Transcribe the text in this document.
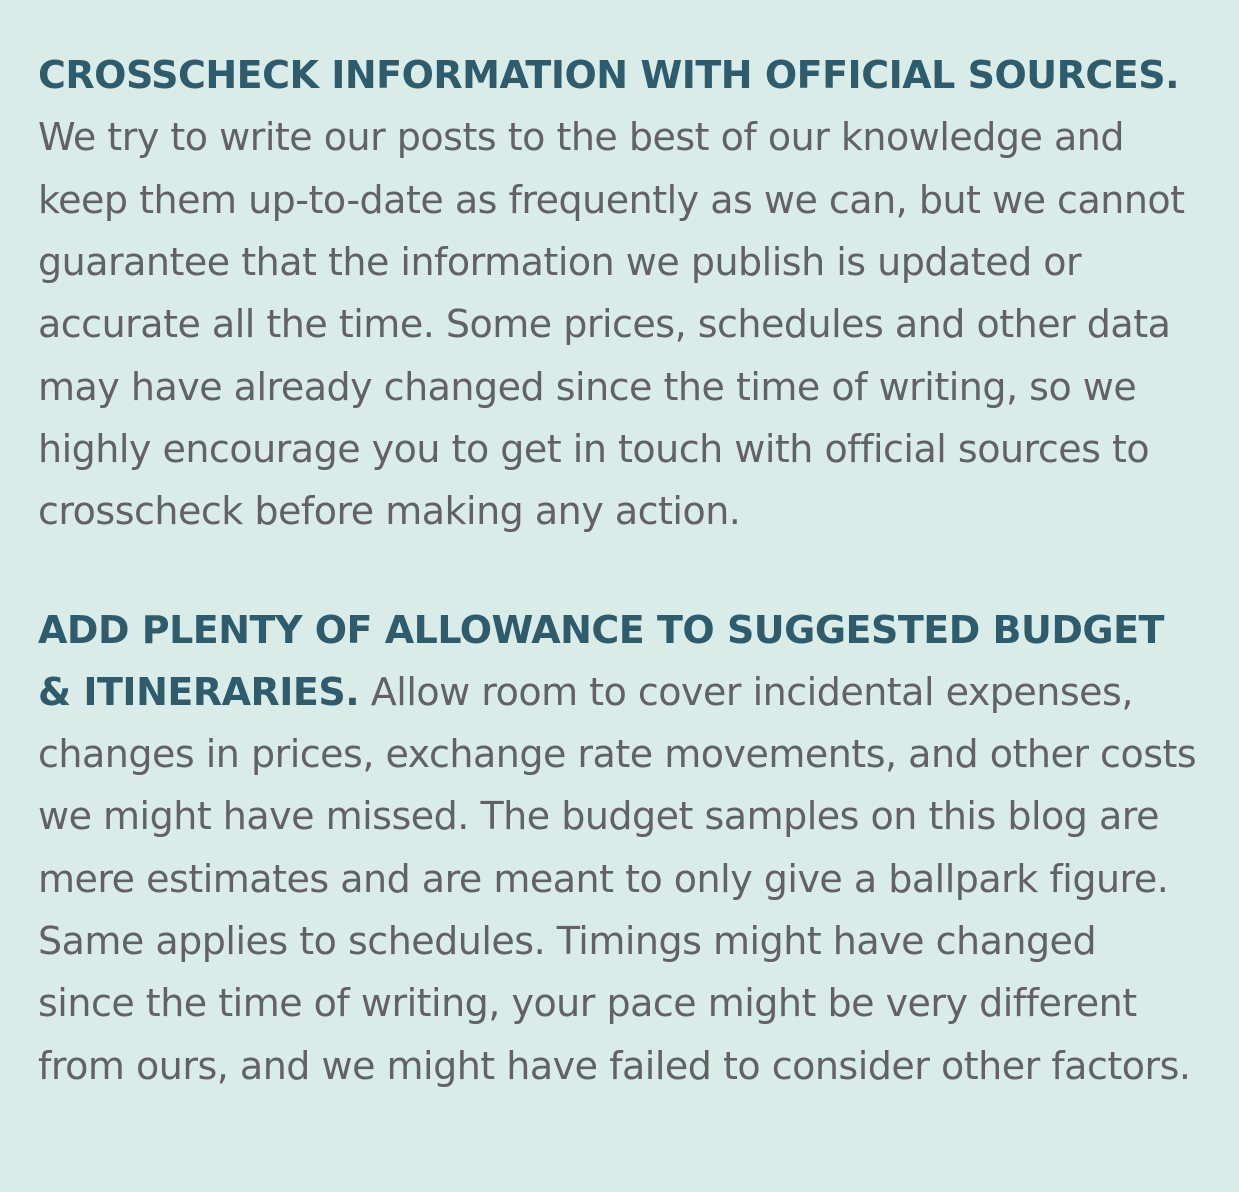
CROSSCHECK INFORMATION WITH OFFICIAL SOURCES. We try to write our posts to the best of our knowledge and keep them up-to-date as frequently as we can, but we cannot guarantee that the information we publish is updated or accurate all the time. Some prices, schedules and other data may have already changed since the time of writing, so we highly encourage you to get in touch with official sources to crosscheck before making any action.

ADD PLENTY OF ALLOWANCE TO SUGGESTED BUDGET & ITINERARIES. Allow room to cover incidental expenses, changes in prices, exchange rate movements, and other costs we might have missed. The budget samples on this blog are mere estimates and are meant to only give a ballpark figure. Same applies to schedules. Timings might have changed since the time of writing, your pace might be very different from ours, and we might have failed to consider other factors.
